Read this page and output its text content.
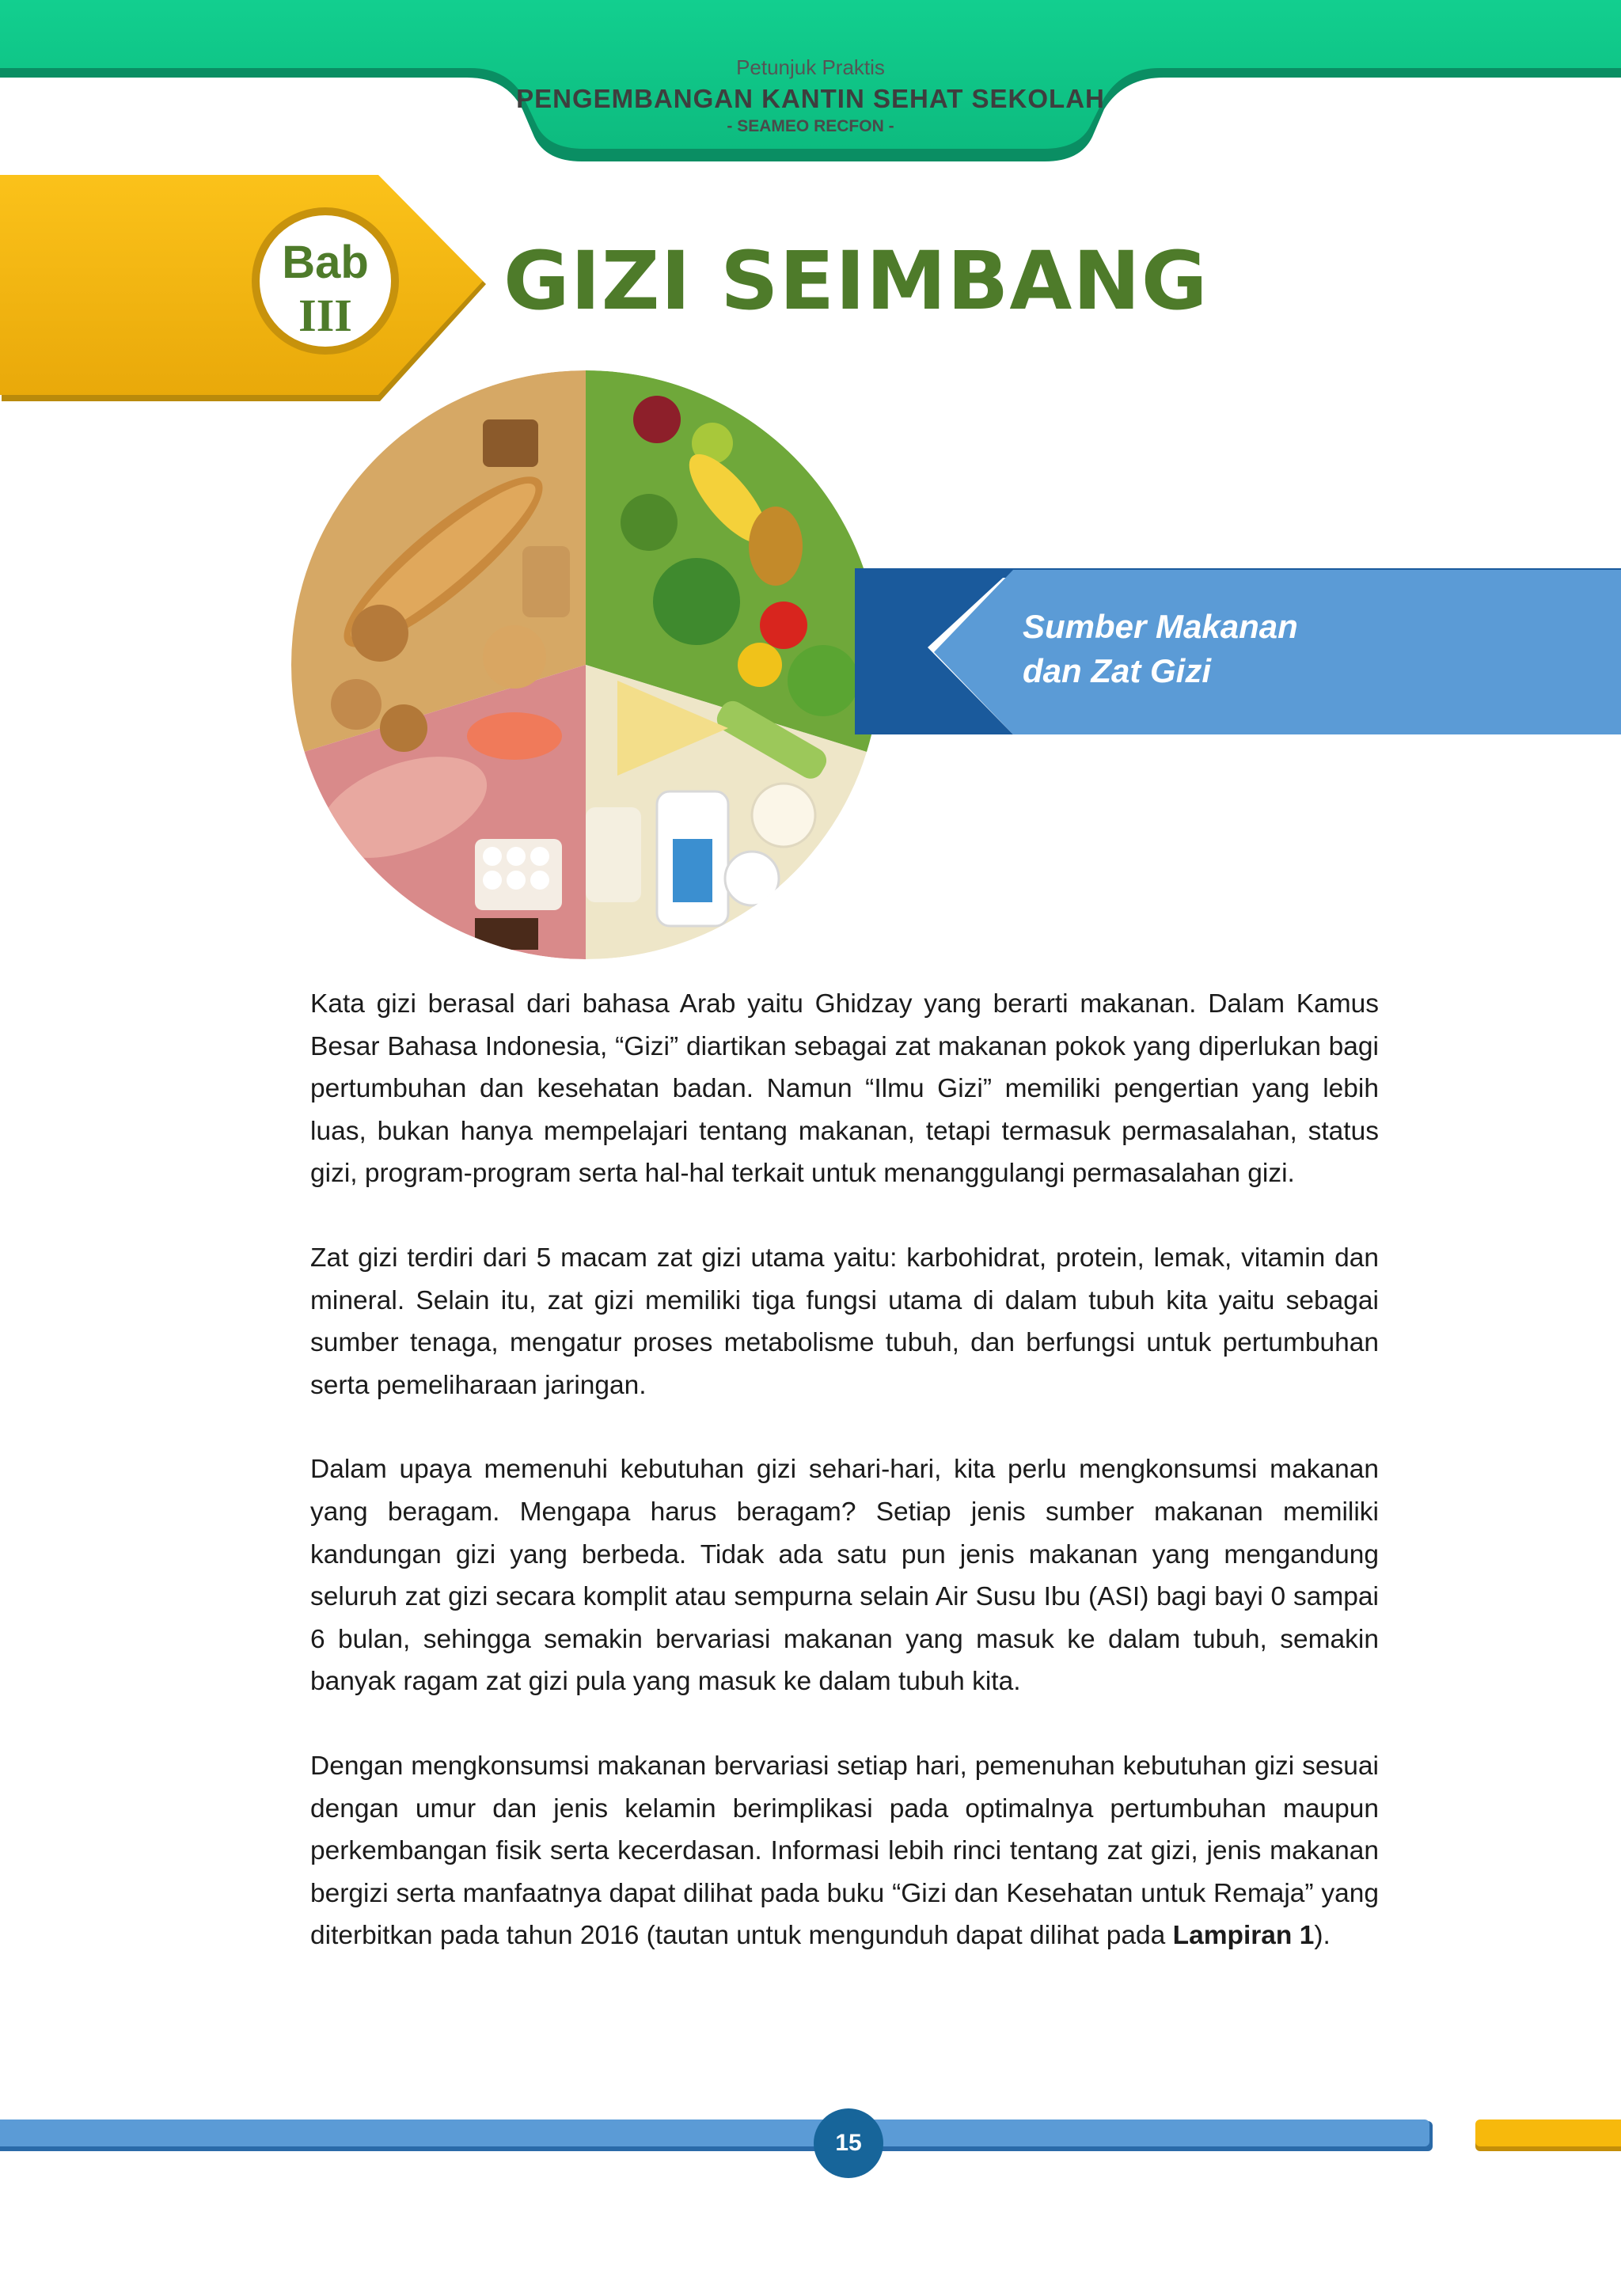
Petunjuk Praktis
PENGEMBANGAN KANTIN SEHAT SEKOLAH
- SEAMEO RECFON -
Bab
III	GIZI SEIMBANG
Sumber Makanan
dan Zat Gizi

Kata gizi berasal dari bahasa Arab yaitu Ghidzay yang berarti makanan. Dalam Kamus Besar Bahasa Indonesia, “Gizi” diartikan sebagai zat makanan pokok yang diperlukan bagi pertumbuhan dan kesehatan badan. Namun “Ilmu Gizi” memiliki pengertian yang lebih luas, bukan hanya mempelajari tentang makanan, tetapi termasuk permasalahan, status gizi, program-program serta hal-hal terkait untuk menanggulangi permasalahan gizi.

Zat gizi terdiri dari 5 macam zat gizi utama yaitu: karbohidrat, protein, lemak, vitamin dan mineral. Selain itu, zat gizi memiliki tiga fungsi utama di dalam tubuh kita yaitu sebagai sumber tenaga, mengatur proses metabolisme tubuh, dan berfungsi untuk pertumbuhan serta pemeliharaan jaringan.

Dalam upaya memenuhi kebutuhan gizi sehari-hari, kita perlu mengkonsumsi makanan yang beragam. Mengapa harus beragam? Setiap jenis sumber makanan memiliki kandungan gizi yang berbeda. Tidak ada satu pun jenis makanan yang mengandung seluruh zat gizi secara komplit atau sempurna selain Air Susu Ibu (ASI) bagi bayi 0 sampai 6 bulan, sehingga semakin bervariasi makanan yang masuk ke dalam tubuh, semakin banyak ragam zat gizi pula yang masuk ke dalam tubuh kita.

Dengan mengkonsumsi makanan bervariasi setiap hari, pemenuhan kebutuhan gizi sesuai dengan umur dan jenis kelamin berimplikasi pada optimalnya pertumbuhan maupun perkembangan fisik serta kecerdasan. Informasi lebih rinci tentang zat gizi, jenis makanan bergizi serta manfaatnya dapat dilihat pada buku “Gizi dan Kesehatan untuk Remaja” yang diterbitkan pada tahun 2016 (tautan untuk mengunduh dapat dilihat pada Lampiran 1).

15
